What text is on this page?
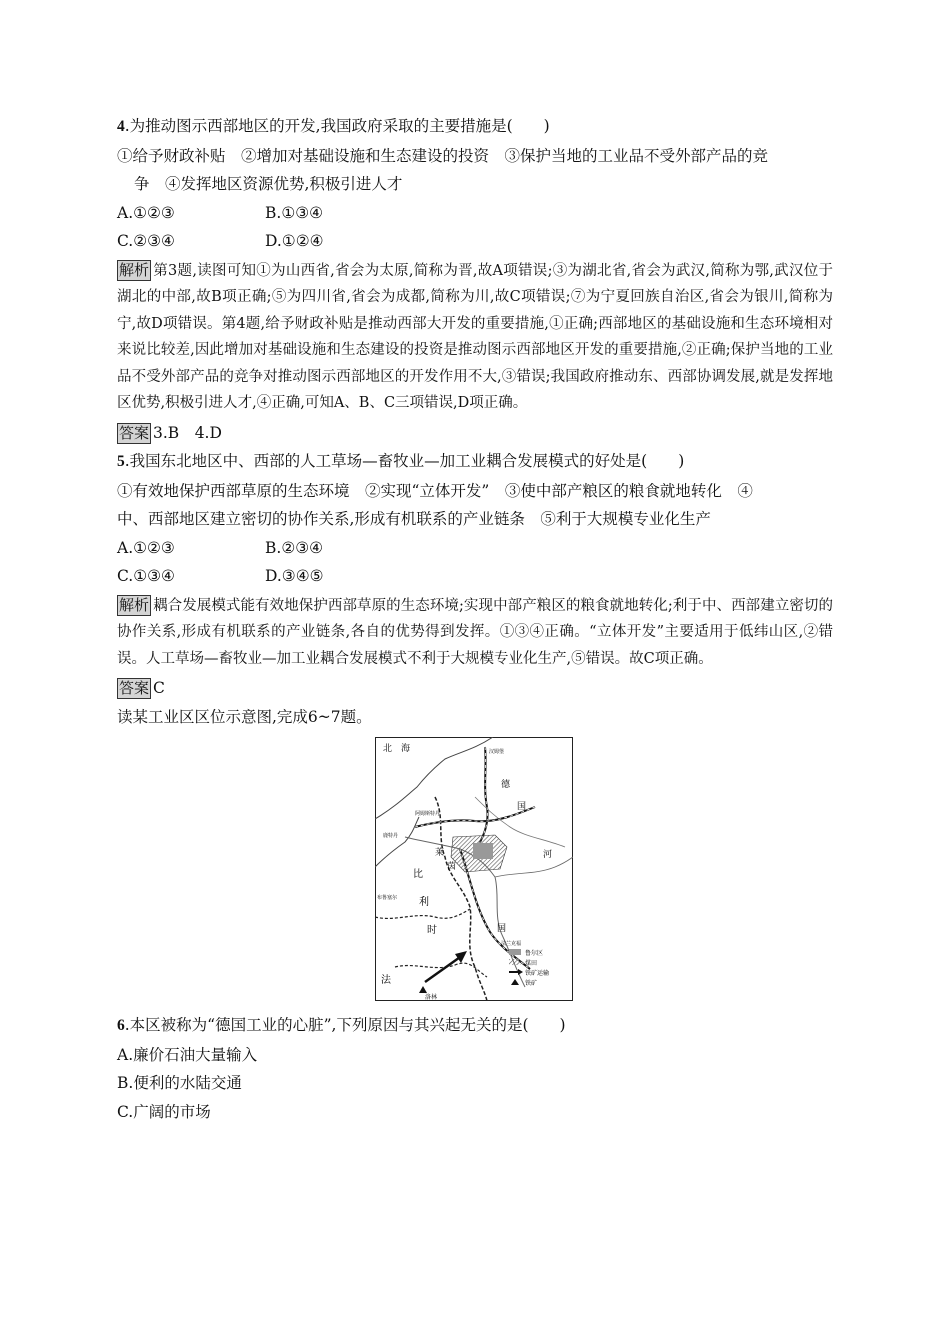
4.为推动图示西部地区的开发,我国政府采取的主要措施是(　　)
①给予财政补贴　②增加对基础设施和生态建设的投资　③保护当地的工业品不受外部产品的竞
争　④发挥地区资源优势,积极引进人才
A.①②③	B.①③④
C.②③④	D.①②④
解析 第3题,读图可知①为山西省,省会为太原,简称为晋,故A项错误;③为湖北省,省会为武汉,简称为鄂,武汉位于湖北的中部,故B项正确;⑤为四川省,省会为成都,简称为川,故C项错误;⑦为宁夏回族自治区,省会为银川,简称为宁,故D项错误。第4题,给予财政补贴是推动西部大开发的重要措施,①正确;西部地区的基础设施和生态环境相对来说比较差,因此增加对基础设施和生态建设的投资是推动图示西部地区开发的重要措施,②正确;保护当地的工业品不受外部产品的竞争对推动图示西部地区的开发作用不大,③错误;我国政府推动东、西部协调发展,就是发挥地区优势,积极引进人才,④正确,可知A、B、C三项错误,D项正确。
答案 3.B　4.D
5.我国东北地区中、西部的人工草场—畜牧业—加工业耦合发展模式的好处是(　　)
①有效地保护西部草原的生态环境　②实现“立体开发”　③使中部产粮区的粮食就地转化　④
中、西部地区建立密切的协作关系,形成有机联系的产业链条　⑤利于大规模专业化生产
A.①②③	B.②③④
C.①③④	D.③④⑤
解析 耦合发展模式能有效地保护西部草原的生态环境;实现中部产粮区的粮食就地转化;利于中、西部建立密切的协作关系,形成有机联系的产业链条,各自的优势得到发挥。①③④正确。“立体开发”主要适用于低纬山区,②错误。人工草场—畜牧业—加工业耦合发展模式不利于大规模专业化生产,⑤错误。故C项正确。
答案 C
读某工业区区位示意图,完成6~7题。
北　海	汉姆堡
德
国
阿姆斯特丹
鹿特丹
莱
茵
河
比
布鲁塞尔 利
时
法
国
法兰克福
洛林
鲁尔区
煤田
铁矿运输
铁矿
6.本区被称为“德国工业的心脏”,下列原因与其兴起无关的是(　　)
A.廉价石油大量输入
B.便利的水陆交通
C.广阔的市场
